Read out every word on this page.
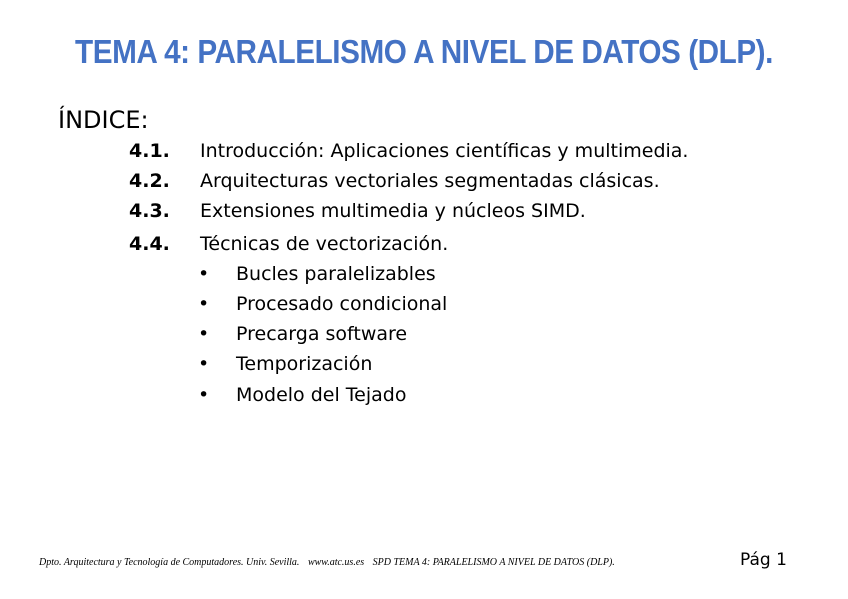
TEMA 4: PARALELISMO A NIVEL DE DATOS (DLP).
ÍNDICE:
4.1. Introducción: Aplicaciones científicas y multimedia.
4.2. Arquitecturas vectoriales segmentadas clásicas.
4.3. Extensiones multimedia y núcleos SIMD.
4.4. Técnicas de vectorización.
• Bucles paralelizables
• Procesado condicional
• Precarga software
• Temporización
• Modelo del Tejado
Dpto. Arquitectura y Tecnología de Computadores. Univ. Sevilla. www.atc.us.es SPD TEMA 4: PARALELISMO A NIVEL DE DATOS (DLP).	Pág 1
